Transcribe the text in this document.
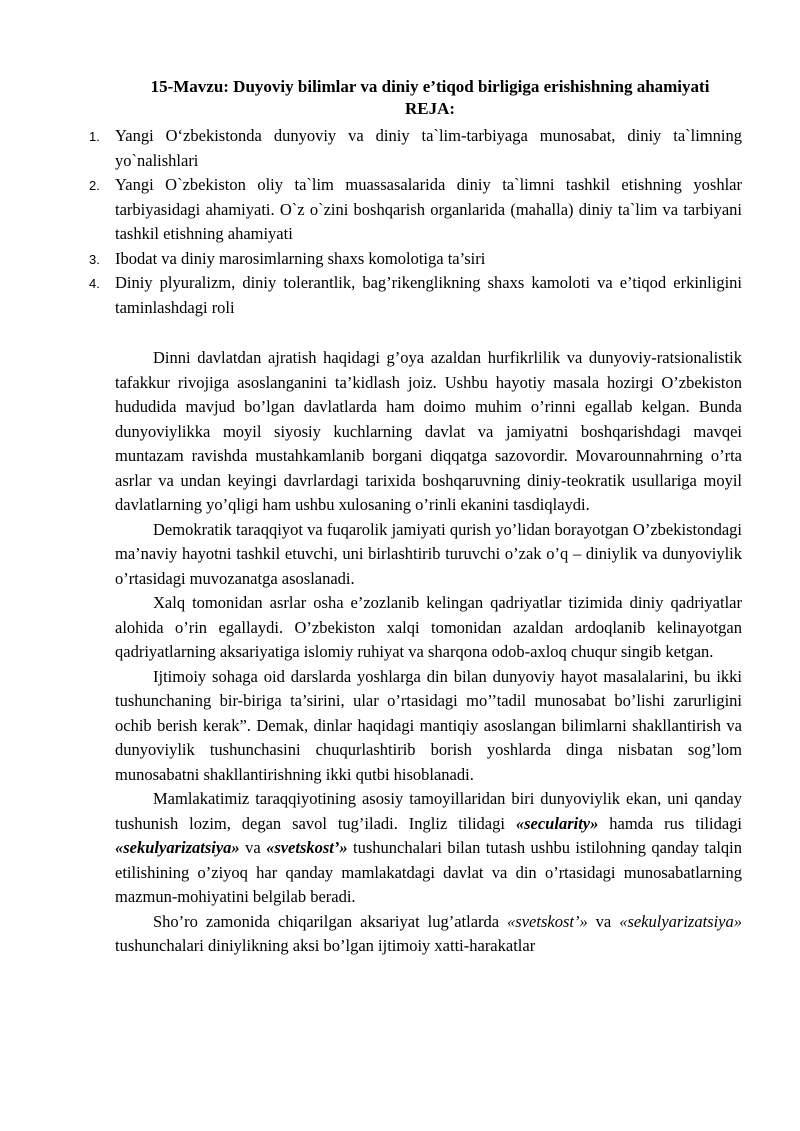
15-Mavzu: Duyoviy bilimlar va diniy e’tiqod birligiga erishishning ahamiyati
REJA:
1. Yangi O‘zbekistonda dunyoviy va diniy ta`lim-tarbiyaga munosabat, diniy ta`limning yo`nalishlari
2. Yangi O`zbekiston oliy ta`lim muassasalarida diniy ta`limni tashkil etishning yoshlar tarbiyasidagi ahamiyati. O`z o`zini boshqarish organlarida (mahalla) diniy ta`lim va tarbiyani tashkil etishning ahamiyati
3. Ibodat va diniy marosimlarning shaxs komolotiga ta’siri
4. Diniy plyuralizm, diniy tolerantlik, bag’rikenglikning shaxs kamoloti va e’tiqod erkinligini taminlashdagi roli

Dinni davlatdan ajratish haqidagi g’oya azaldan hurfikrlilik va dunyoviy-ratsionalistik tafakkur rivojiga asoslanganini ta’kidlash joiz. Ushbu hayotiy masala hozirgi O’zbekiston hududida mavjud bo’lgan davlatlarda ham doimo muhim o’rinni egallab kelgan. Bunda dunyoviylikka moyil siyosiy kuchlarning davlat va jamiyatni boshqarishdagi mavqei muntazam ravishda mustahkamlanib borgani diqqatga sazovordir. Movarounnahrning o’rta asrlar va undan keyingi davrlardagi tarixida boshqaruvning diniy-teokratik usullariga moyil davlatlarning yo’qligi ham ushbu xulosaning o’rinli ekanini tasdiqlaydi.

Demokratik taraqqiyot va fuqarolik jamiyati qurish yo’lidan borayotgan O’zbekistondagi ma’naviy hayotni tashkil etuvchi, uni birlashtirib turuvchi o’zak o’q – diniylik va dunyoviylik o’rtasidagi muvozanatga asoslanadi.

Xalq tomonidan asrlar osha e’zozlanib kelingan qadriyatlar tizimida diniy qadriyatlar alohida o’rin egallaydi. O’zbekiston xalqi tomonidan azaldan ardoqlanib kelinayotgan qadriyatlarning aksariyatiga islomiy ruhiyat va sharqona odob-axloq chuqur singib ketgan.

Ijtimoiy sohaga oid darslarda yoshlarga din bilan dunyoviy hayot masalalarini, bu ikki tushunchaning bir-biriga ta’sirini, ular o’rtasidagi mo’’tadil munosabat bo’lishi zarurligini ochib berish kerak”. Demak, dinlar haqidagi mantiqiy asoslangan bilimlarni shakllantirish va dunyoviylik tushunchasini chuqurlashtirib borish yoshlarda dinga nisbatan sog’lom munosabatni shakllantirishning ikki qutbi hisoblanadi.

Mamlakatimiz taraqqiyotining asosiy tamoyillaridan biri dunyoviylik ekan, uni qanday tushunish lozim, degan savol tug’iladi. Ingliz tilidagi «secularity» hamda rus tilidagi «sekulyarizatsiya» va «svetskost’» tushunchalari bilan tutash ushbu istilohning qanday talqin etilishining o’ziyoq har qanday mamlakatdagi davlat va din o’rtasidagi munosabatlarning mazmun-mohiyatini belgilab beradi.

Sho’ro zamonida chiqarilgan aksariyat lug’atlarda «svetskost’» va «sekulyarizatsiya» tushunchalari diniylikning aksi bo’lgan ijtimoiy xatti-harakatlar
